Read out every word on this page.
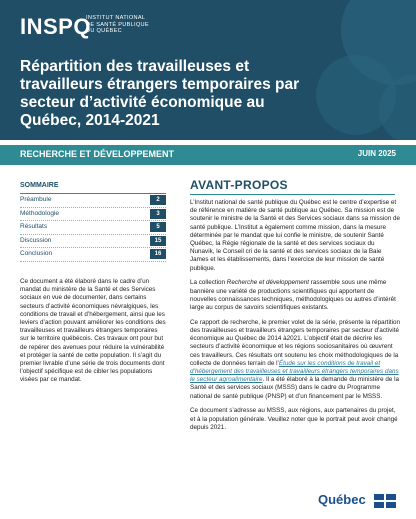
INSPQ
INSTITUT NATIONAL
DE SANTÉ PUBLIQUE
DU QUÉBEC
Répartition des travailleuses et travailleurs étrangers temporaires par secteur d’activité économique au Québec, 2014-2021
RECHERCHE ET DÉVELOPPEMENT	JUIN 2025
SOMMAIRE
Préambule	2
Méthodologie	3
Résultats	5
Discussion	15
Conclusion	16
Ce document a été élaboré dans le cadre d’un mandat du ministère de la Santé et des Services sociaux en vue de documenter, dans certains secteurs d’activité économiques névralgiques, les conditions de travail et d’hébergement, ainsi que les leviers d’action pouvant améliorer les conditions des travailleuses et travailleurs étrangers temporaires sur le territoire québécois. Ces travaux ont pour but de repérer des avenues pour réduire la vulnérabilité et protéger la santé de cette population. Il s’agit du premier livrable d’une série de trois documents dont l’objectif spécifique est de cibler les populations visées par ce mandat.
AVANT-PROPOS

L’Institut national de santé publique du Québec est le centre d’expertise et de référence en matière de santé publique au Québec. Sa mission est de soutenir le ministre de la Santé et des Services sociaux dans sa mission de santé publique. L’Institut a également comme mission, dans la mesure déterminée par le mandat que lui confie le ministre, de soutenir Santé Québec, la Régie régionale de la santé et des services sociaux du Nunavik, le Conseil cri de la santé et des services sociaux de la Baie James et les établissements, dans l’exercice de leur mission de santé publique.

La collection Recherche et développement rassemble sous une même bannière une variété de productions scientifiques qui apportent de nouvelles connaissances techniques, méthodologiques ou autres d’intérêt large au corpus de savoirs scientifiques existants.

Ce rapport de recherche, le premier volet de la série, présente la répartition des travailleuses et travailleurs étrangers temporaires par secteur d’activité économique au Québec de 2014 à2021. L’objectif était de décrire les secteurs d’activité économique et les régions sociosanitaires où œuvrent ces travailleurs. Ces résultats ont soutenu les choix méthodologiques de la collecte de données terrain de l’Étude sur les conditions de travail et d’hébergement des travailleuses et travailleurs étrangers temporaires dans le secteur agroalimentaire. Il a été élaboré à la demande du ministère de la Santé et des services sociaux (MSSS) dans le cadre du Programme national de santé publique (PNSP) et d’un financement par le MSSS.

Ce document s’adresse au MSSS, aux régions, aux partenaires du projet, et à la population générale. Veuillez noter que le portrait peut avoir changé depuis 2021.

Québec
